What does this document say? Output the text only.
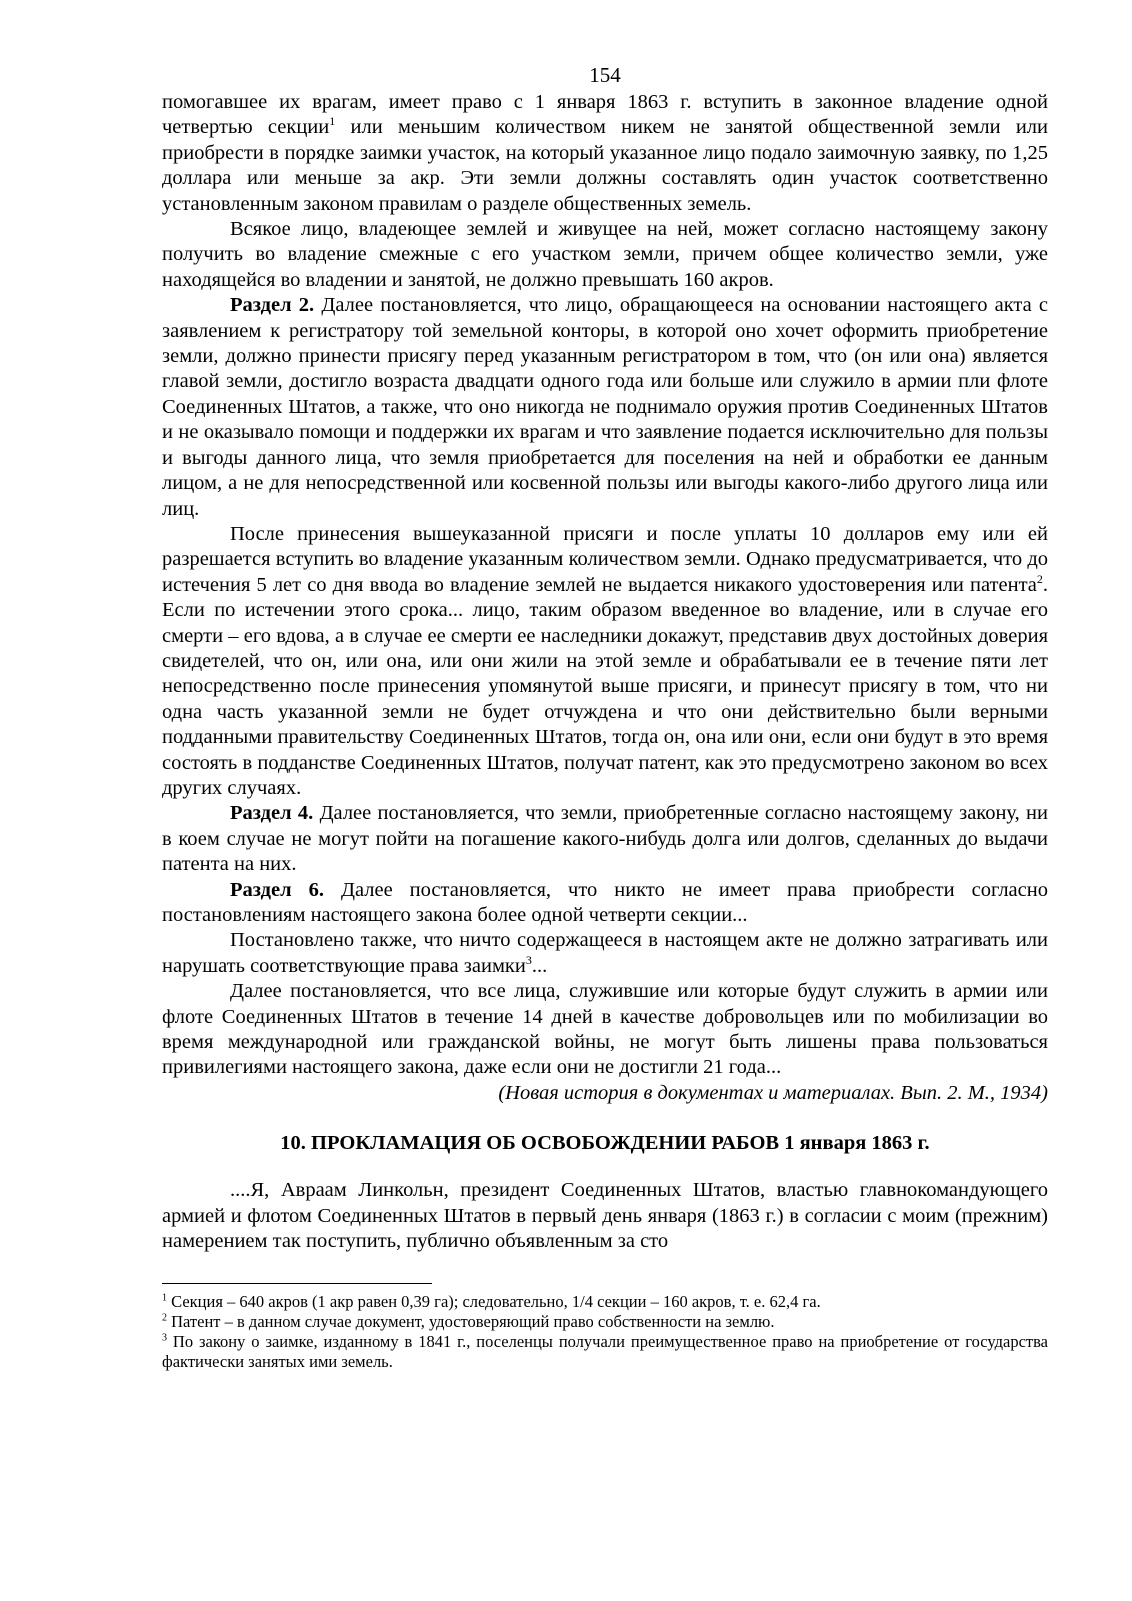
154

помогавшее их врагам, имеет право с 1 января 1863 г. вступить в законное владение одной четвертью секции$^1$ или меньшим количеством никем не занятой общественной земли или приобрести в порядке заимки участок, на который указанное лицо подало заимочную заявку, по 1,25 доллара или меньше за акр. Эти земли должны составлять один участок соответственно установленным законом правилам о разделе общественных земель.

Всякое лицо, владеющее землей и живущее на ней, может согласно настоящему закону получить во владение смежные с его участком земли, причем общее количество земли, уже находящейся во владении и занятой, не должно превышать 160 акров.

Раздел 2. Далее постановляется, что лицо, обращающееся на основании настоящего акта с заявлением к регистратору той земельной конторы, в которой оно хочет оформить приобретение земли, должно принести присягу перед указанным регистратором в том, что (он или она) является главой земли, достигло возраста двадцати одного года или больше или служило в армии пли флоте Соединенных Штатов, а также, что оно никогда не поднимало оружия против Соединенных Штатов и не оказывало помощи и поддержки их врагам и что заявление подается исключительно для пользы и выгоды данного лица, что земля приобретается для поселения на ней и обработки ее данным лицом, а не для непосредственной или косвенной пользы или выгоды какого-либо другого лица или лиц.

После принесения вышеуказанной присяги и после уплаты 10 долларов ему или ей разрешается вступить во владение указанным количеством земли. Однако предусматривается, что до истечения 5 лет со дня ввода во владение землей не выдается никакого удостоверения или патента$^2$. Если по истечении этого срока... лицо, таким образом введенное во владение, или в случае его смерти – его вдова, а в случае ее смерти ее наследники докажут, представив двух достойных доверия свидетелей, что он, или она, или они жили на этой земле и обрабатывали ее в течение пяти лет непосредственно после принесения упомянутой выше присяги, и принесут присягу в том, что ни одна часть указанной земли не будет отчуждена и что они действительно были верными подданными правительству Соединенных Штатов, тогда он, она или они, если они будут в это время состоять в подданстве Соединенных Штатов, получат патент, как это предусмотрено законом во всех других случаях.

Раздел 4. Далее постановляется, что земли, приобретенные согласно настоящему закону, ни в коем случае не могут пойти на погашение какого-нибудь долга или долгов, сделанных до выдачи патента на них.

Раздел 6. Далее постановляется, что никто не имеет права приобрести согласно постановлениям настоящего закона более одной четверти секции...

Постановлено также, что ничто содержащееся в настоящем акте не должно затрагивать или нарушать соответствующие права заимки$^3$...

Далее постановляется, что все лица, служившие или которые будут служить в армии или флоте Соединенных Штатов в течение 14 дней в качестве добровольцев или по мобилизации во время международной или гражданской войны, не могут быть лишены права пользоваться привилегиями настоящего закона, даже если они не достигли 21 года...

(Новая история в документах и материалах. Вып. 2. М., 1934)

10. ПРОКЛАМАЦИЯ ОБ ОСВОБОЖДЕНИИ РАБОВ 1 января 1863 г.

....Я, Авраам Линкольн, президент Соединенных Штатов, властью главнокомандующего армией и флотом Соединенных Штатов в первый день января (1863 г.) в согласии с моим (прежним) намерением так поступить, публично объявленным за сто

$^1$ Секция – 640 акров (1 акр равен 0,39 га); следовательно, 1/4 секции – 160 акров, т. е. 62,4 га.

$^2$ Патент – в данном случае документ, удостоверяющий право собственности на землю.

$^3$ По закону о заимке, изданному в 1841 г., поселенцы получали преимущественное право на приобретение от государства фактически занятых ими земель.
